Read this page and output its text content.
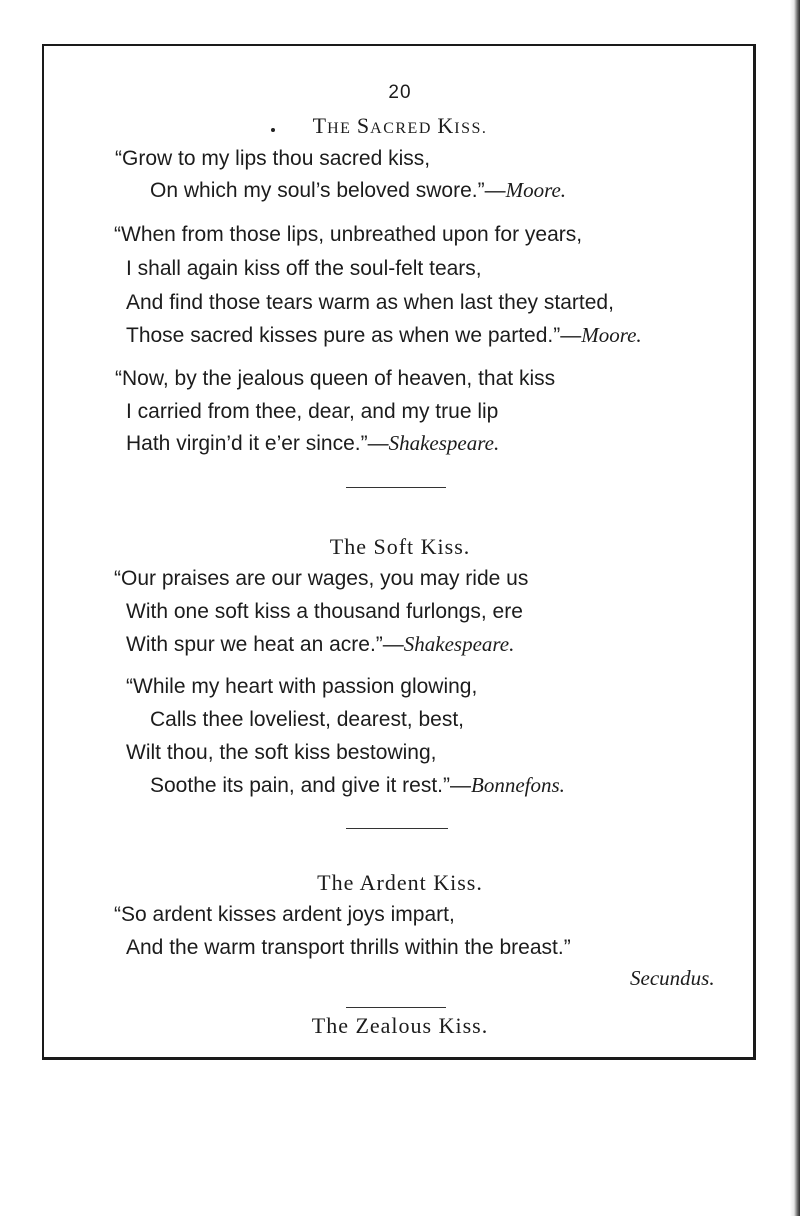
20
THE SACRED KISS.
“Grow to my lips thou sacred kiss,
On which my soul’s beloved swore.”—Moore.
“When from those lips, unbreathed upon for years,
I shall again kiss off the soul-felt tears,
And find those tears warm as when last they started,
Those sacred kisses pure as when we parted.”—Moore.
“Now, by the jealous queen of heaven, that kiss
I carried from thee, dear, and my true lip
Hath virgin’d it e’er since.”—Shakespeare.
The Soft Kiss.
“Our praises are our wages, you may ride us
With one soft kiss a thousand furlongs, ere
With spur we heat an acre.”—Shakespeare.
“While my heart with passion glowing,
Calls thee loveliest, dearest, best,
Wilt thou, the soft kiss bestowing,
Soothe its pain, and give it rest.”—Bonnefons.
The Ardent Kiss.
“So ardent kisses ardent joys impart,
And the warm transport thrills within the breast.”
Secundus.
The Zealous Kiss.
